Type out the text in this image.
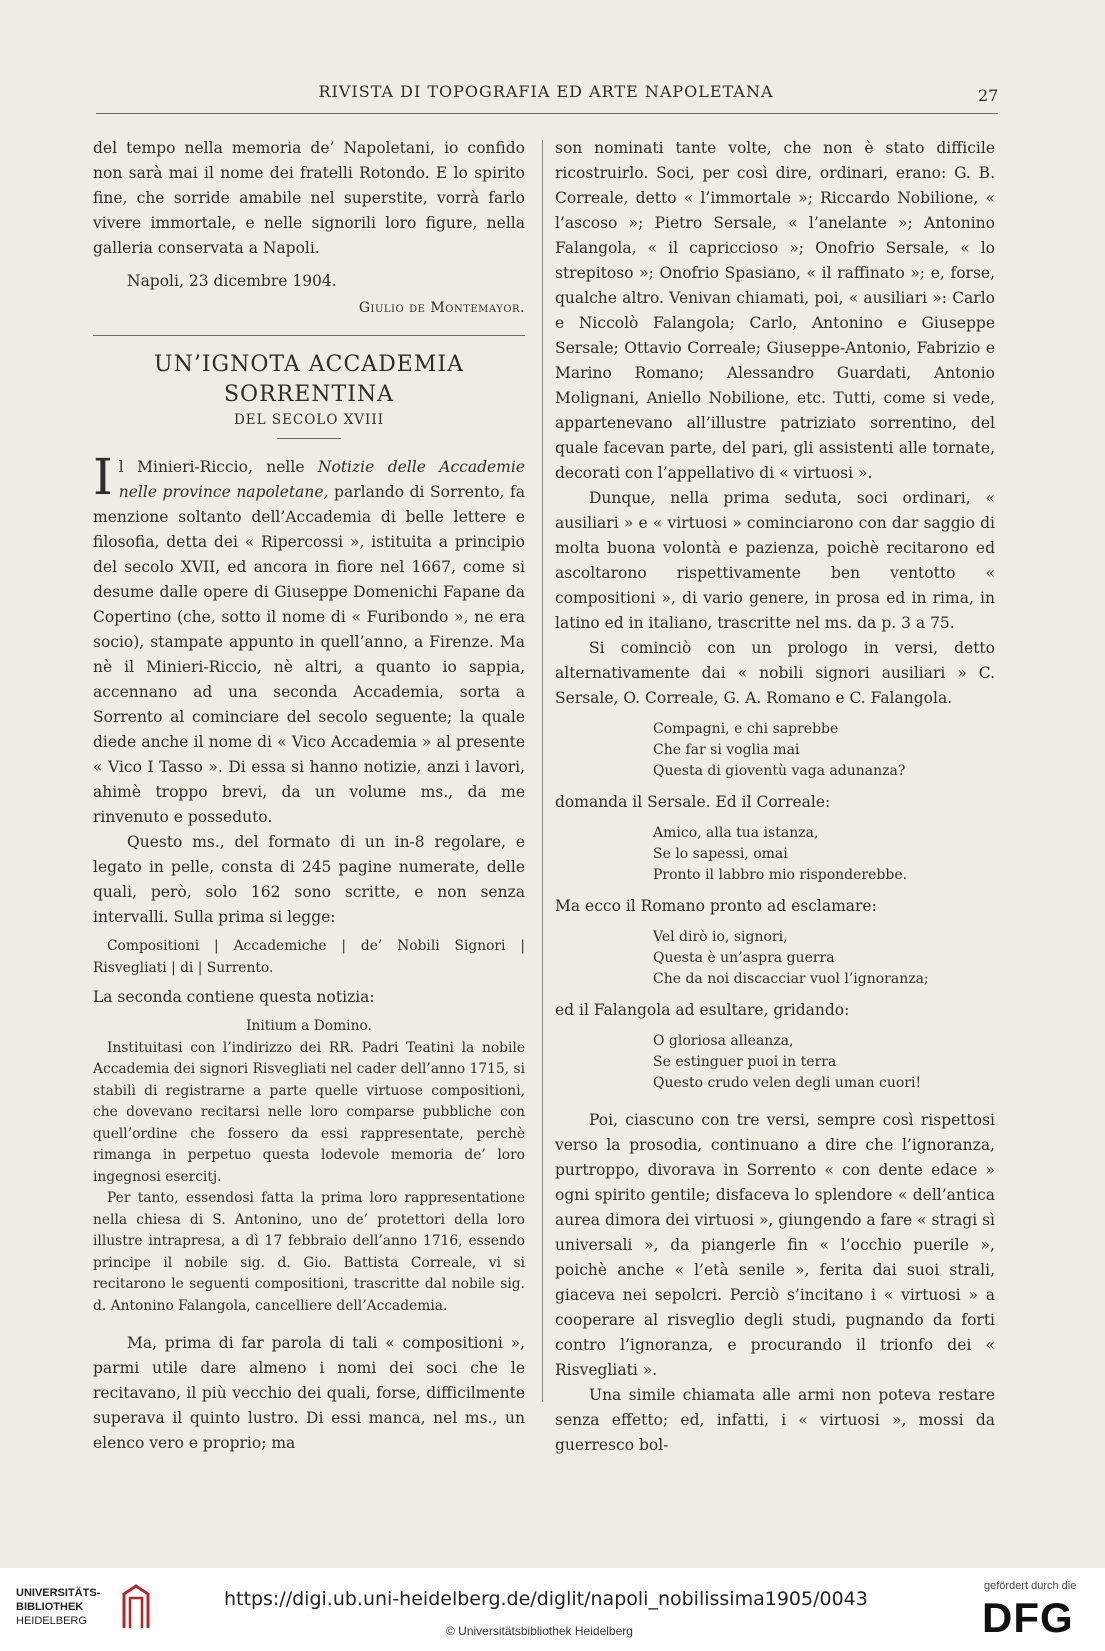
RIVISTA DI TOPOGRAFIA ED ARTE NAPOLETANA	27

del tempo nella memoria de’ Napoletani, io confido non sarà mai il nome dei fratelli Rotondo. E lo spirito fine, che sorride amabile nel superstite, vorrà farlo vivere immortale, e nelle signorili loro figure, nella galleria conservata a Napoli.

Napoli, 23 dicembre 1904.

Giulio de Montemayor.

UN’IGNOTA ACCADEMIA SORRENTINA

DEL SECOLO XVIII

Il Minieri-Riccio, nelle Notizie delle Accademie nelle province napoletane, parlando di Sorrento, fa menzione soltanto dell’Accademia di belle lettere e filosofia, detta dei « Ripercossi », istituita a principio del secolo XVII, ed ancora in fiore nel 1667, come si desume dalle opere di Giuseppe Domenichi Fapane da Copertino (che, sotto il nome di « Furibondo », ne era socio), stampate appunto in quell’anno, a Firenze. Ma nè il Minieri-Riccio, nè altri, a quanto io sappia, accennano ad una seconda Accademia, sorta a Sorrento al cominciare del secolo seguente; la quale diede anche il nome di « Vico Accademia » al presente « Vico I Tasso ». Di essa si hanno notizie, anzi i lavori, ahimè troppo brevi, da un volume ms., da me rinvenuto e posseduto.

Questo ms., del formato di un in-8 regolare, e legato in pelle, consta di 245 pagine numerate, delle quali, però, solo 162 sono scritte, e non senza intervalli. Sulla prima si legge:

Compositioni | Accademiche | de’ Nobili Signori | Risvegliati | di | Surrento.

La seconda contiene questa notizia:

Initium a Domino.

Instituitasi con l’indirizzo dei RR. Padri Teatini la nobile Accademia dei signori Risvegliati nel cader dell’anno 1715, si stabilì di registrarne a parte quelle virtuose compositioni, che dovevano recitarsi nelle loro comparse pubbliche con quell’ordine che fossero da essi rappresentate, perchè rimanga in perpetuo questa lodevole memoria de’ loro ingegnosi esercitj.

Per tanto, essendosi fatta la prima loro rappresentatione nella chiesa di S. Antonino, uno de’ protettori della loro illustre intrapresa, a dì 17 febbraio dell’anno 1716, essendo principe il nobile sig. d. Gio. Battista Correale, vi si recitarono le seguenti compositioni, trascritte dal nobile sig. d. Antonino Falangola, cancelliere dell’Accademia.

Ma, prima di far parola di tali « compositioni », parmi utile dare almeno i nomi dei soci che le recitavano, il più vecchio dei quali, forse, difficilmente superava il quinto lustro. Di essi manca, nel ms., un elenco vero e proprio; ma

son nominati tante volte, che non è stato difficile ricostruirlo. Soci, per così dire, ordinari, erano: G. B. Correale, detto « l’immortale »; Riccardo Nobilione, « l’ascoso »; Pietro Sersale, « l’anelante »; Antonino Falangola, « il capriccioso »; Onofrio Sersale, « lo strepitoso »; Onofrio Spasiano, « il raffinato »; e, forse, qualche altro. Venivan chiamati, poi, « ausiliari »: Carlo e Niccolò Falangola; Carlo, Antonino e Giuseppe Sersale; Ottavio Correale; Giuseppe-Antonio, Fabrizio e Marino Romano; Alessandro Guardati, Antonio Molignani, Aniello Nobilione, etc. Tutti, come si vede, appartenevano all’illustre patriziato sorrentino, del quale facevan parte, del pari, gli assistenti alle tornate, decorati con l’appellativo di « virtuosi ».

Dunque, nella prima seduta, soci ordinari, « ausiliari » e « virtuosi » cominciarono con dar saggio di molta buona volontà e pazienza, poichè recitarono ed ascoltarono rispettivamente ben ventotto « compositioni », di vario genere, in prosa ed in rima, in latino ed in italiano, trascritte nel ms. da p. 3 a 75.

Si cominciò con un prologo in versi, detto alternativamente dai « nobili signori ausiliari » C. Sersale, O. Correale, G. A. Romano e C. Falangola.

Compagni, e chi saprebbe
Che far si voglia mai
Questa di gioventù vaga adunanza?

domanda il Sersale. Ed il Correale:

Amico, alla tua istanza,
Se lo sapessi, omai
Pronto il labbro mio risponderebbe.

Ma ecco il Romano pronto ad esclamare:

Vel dirò io, signori,
Questa è un’aspra guerra
Che da noi discacciar vuol l’ignoranza;

ed il Falangola ad esultare, gridando:

O gloriosa alleanza,
Se estinguer puoi in terra
Questo crudo velen degli uman cuori!

Poi, ciascuno con tre versi, sempre così rispettosi verso la prosodia, continuano a dire che l’ignoranza, purtroppo, divorava in Sorrento « con dente edace » ogni spirito gentile; disfaceva lo splendore « dell’antica aurea dimora dei virtuosi », giungendo a fare « stragi sì universali », da piangerle fin « l’occhio puerile », poichè anche « l’età senile », ferita dai suoi strali, giaceva nei sepolcri. Perciò s’incitano i « virtuosi » a cooperare al risveglio degli studi, pugnando da forti contro l’ignoranza, e procurando il trionfo dei « Risvegliati ».

Una simile chiamata alle armi non poteva restare senza effetto; ed, infatti, i « virtuosi », mossi da guerresco bol-

UNIVERSITÄTS-
BIBLIOTHEK
HEIDELBERG
https://digi.ub.uni-heidelberg.de/diglit/napoli_nobilissima1905/0043
© Universitätsbibliothek Heidelberg
gefördert durch die
DFG
